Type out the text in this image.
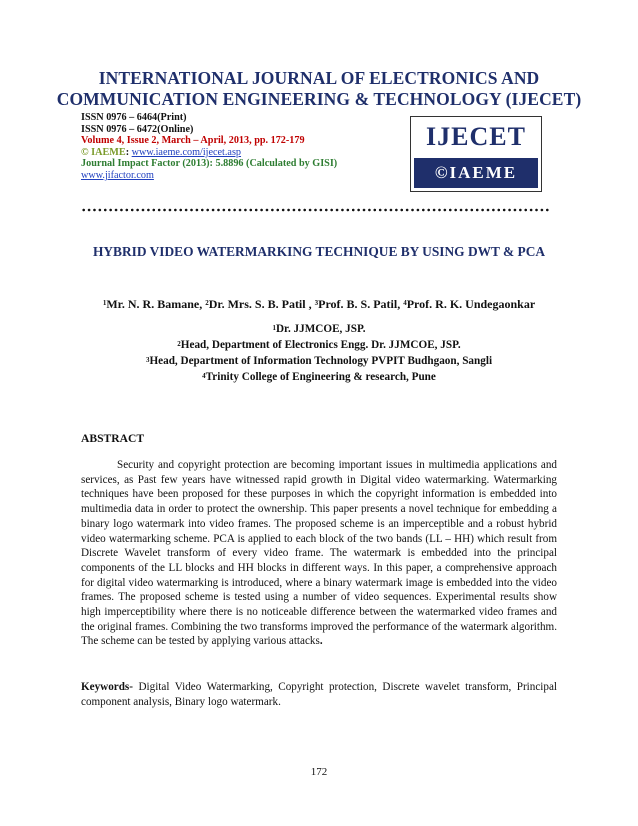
INTERNATIONAL JOURNAL OF ELECTRONICS AND
COMMUNICATION ENGINEERING & TECHNOLOGY (IJECET)
ISSN 0976 – 6464(Print)
ISSN 0976 – 6472(Online)
Volume 4, Issue 2, March – April, 2013, pp. 172-179
© IAEME: www.iaeme.com/ijecet.asp
Journal Impact Factor (2013): 5.8896 (Calculated by GISI)
www.jifactor.com
IJECET
©IAEME
HYBRID VIDEO WATERMARKING TECHNIQUE BY USING DWT & PCA
$^1$Mr. N. R. Bamane, $^2$Dr. Mrs. S. B. Patil , $^3$Prof. B. S. Patil, $^4$Prof. R. K. Undegaonkar
$^1$Dr. JJMCOE, JSP.
$^2$Head, Department of Electronics Engg. Dr. JJMCOE, JSP.
$^3$Head, Department of Information Technology PVPIT Budhgaon, Sangli
$^4$Trinity College of Engineering & research, Pune
ABSTRACT

Security and copyright protection are becoming important issues in multimedia applications and services, as Past few years have witnessed rapid growth in Digital video watermarking. Watermarking techniques have been proposed for these purposes in which the copyright information is embedded into multimedia data in order to protect the ownership. This paper presents a novel technique for embedding a binary logo watermark into video frames. The proposed scheme is an imperceptible and a robust hybrid video watermarking scheme. PCA is applied to each block of the two bands (LL – HH) which result from Discrete Wavelet transform of every video frame. The watermark is embedded into the principal components of the LL blocks and HH blocks in different ways. In this paper, a comprehensive approach for digital video watermarking is introduced, where a binary watermark image is embedded into the video frames. The proposed scheme is tested using a number of video sequences. Experimental results show high imperceptibility where there is no noticeable difference between the watermarked video frames and the original frames. Combining the two transforms improved the performance of the watermark algorithm. The scheme can be tested by applying various attacks.

Keywords- Digital Video Watermarking, Copyright protection, Discrete wavelet transform, Principal component analysis, Binary logo watermark.

172
